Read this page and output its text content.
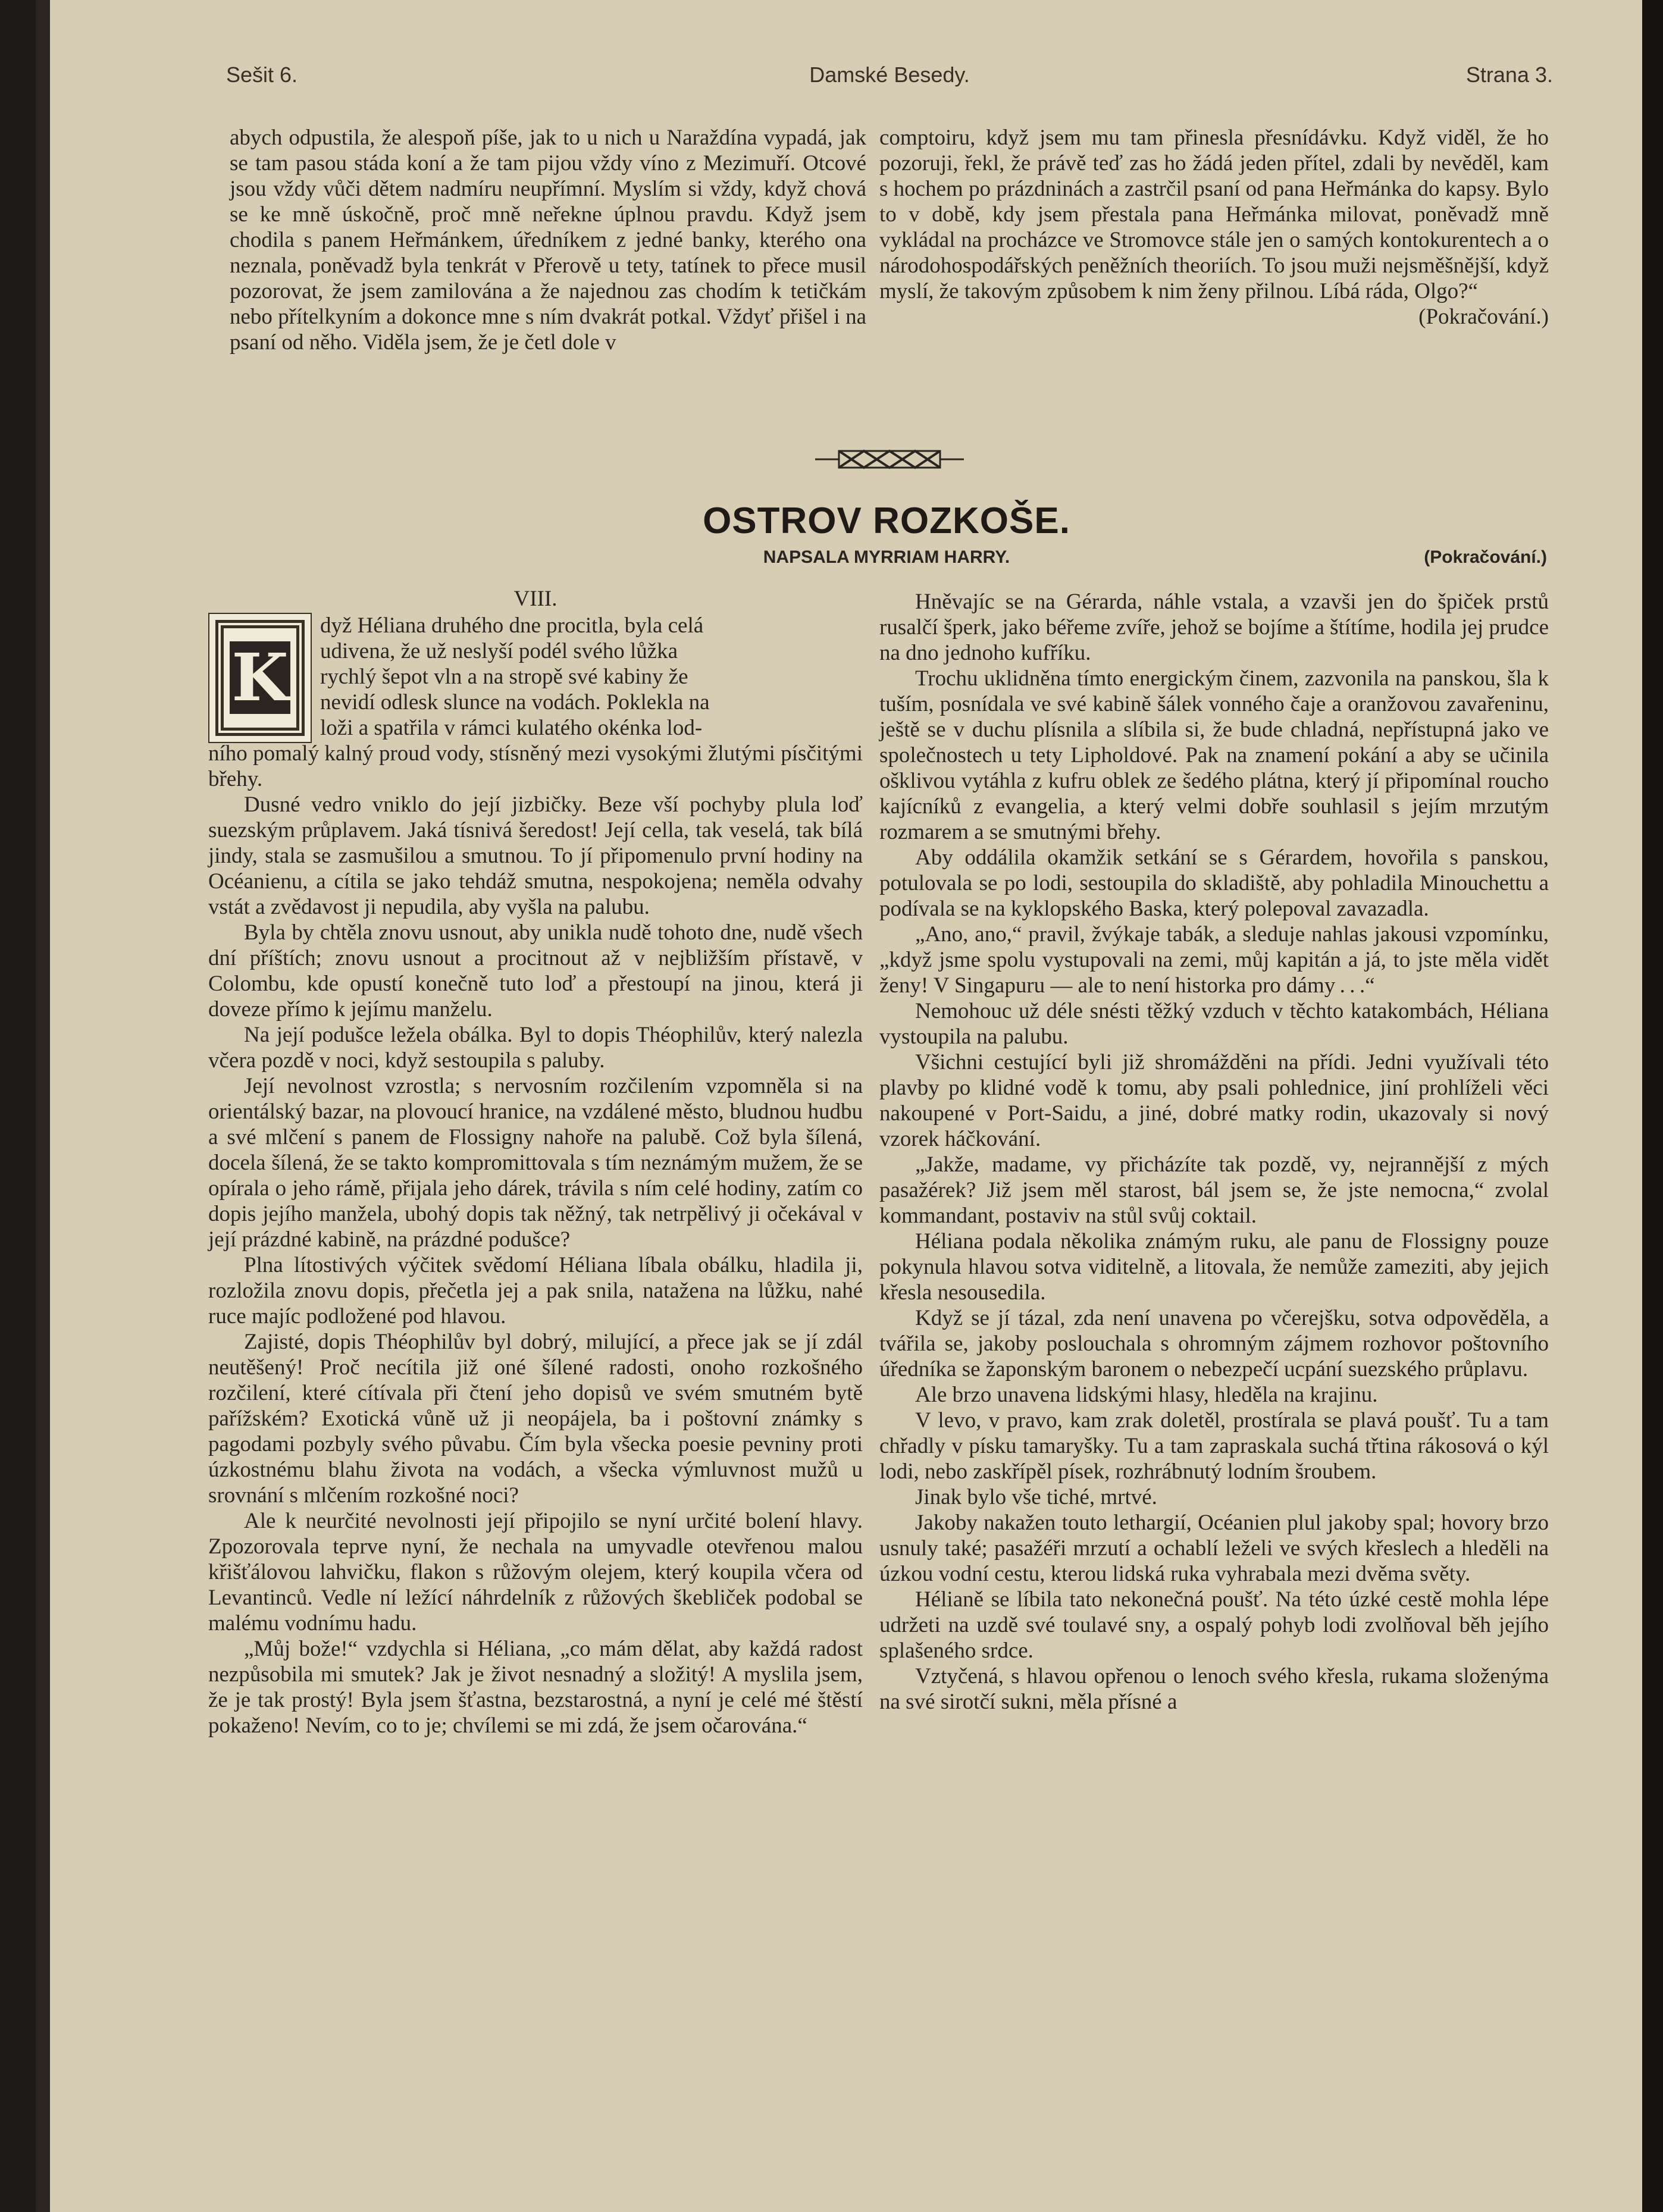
Sešit 6.	Damské Besedy.	Strana 3.

abych odpustila, že alespoň píše, jak to u nich u Naraždína vypadá, jak se tam pasou stáda koní a že tam pijou vždy víno z Mezimuří. Otcové jsou vždy vůči dětem nadmíru neupřímní. Myslím si vždy, když chová se ke mně úskočně, proč mně neřekne úplnou pravdu. Když jsem chodila s panem Heřmánkem, úředníkem z jedné banky, kterého ona neznala, poněvadž byla tenkrát v Přerově u tety, tatínek to přece musil pozorovat, že jsem zamilována a že najednou zas chodím k tetičkám nebo přítelkyním a dokonce mne s ním dvakrát potkal. Vždyť přišel i na psaní od něho. Viděla jsem, že je četl dole v

comptoiru, když jsem mu tam přinesla přesnídávku. Když viděl, že ho pozoruji, řekl, že právě teď zas ho žádá jeden přítel, zdali by nevěděl, kam s hochem po prázdninách a zastrčil psaní od pana Heřmánka do kapsy. Bylo to v době, kdy jsem přestala pana Heřmánka milovat, poněvadž mně vykládal na procházce ve Stromovce stále jen o samých kontokurentech a o národohospodářských peněžních theoriích. To jsou muži nejsměšnější, když myslí, že takovým způsobem k nim ženy přilnou. Líbá ráda, Olgo?“

(Pokračování.)

OSTROV ROZKOŠE.
NAPSALA MYRRIAM HARRY.	(Pokračování.)
VIII.
K

dyž Héliana druhého dne procitla, byla celá

udivena, že už neslyší podél svého lůžka

rychlý šepot vln a na stropě své kabiny že

nevidí odlesk slunce na vodách. Poklekla na

loži a spatřila v rámci kulatého okénka lod-

ního pomalý kalný proud vody, stísněný mezi vysokými žlutými písčitými břehy.

Dusné vedro vniklo do její jizbičky. Beze vší pochyby plula loď suezským průplavem. Jaká tísnivá šeredost! Její cella, tak veselá, tak bílá jindy, stala se zasmušilou a smutnou. To jí připomenulo první hodiny na Océanienu, a cítila se jako tehdáž smutna, nespokojena; neměla odvahy vstát a zvědavost ji nepudila, aby vyšla na palubu.

Byla by chtěla znovu usnout, aby unikla nudě tohoto dne, nudě všech dní příštích; znovu usnout a procitnout až v nejbližším přístavě, v Colombu, kde opustí konečně tuto loď a přestoupí na jinou, která ji doveze přímo k jejímu manželu.

Na její podušce ležela obálka. Byl to dopis Théophilův, který nalezla včera pozdě v noci, když sestoupila s paluby.

Její nevolnost vzrostla; s nervosním rozčilením vzpomněla si na orientálský bazar, na plovoucí hranice, na vzdálené město, bludnou hudbu a své mlčení s panem de Flossigny nahoře na palubě. Což byla šílená, docela šílená, že se takto kompromittovala s tím neznámým mužem, že se opírala o jeho rámě, přijala jeho dárek, trávila s ním celé hodiny, zatím co dopis jejího manžela, ubohý dopis tak něžný, tak netrpělivý ji očekával v její prázdné kabině, na prázdné podušce?

Plna lítostivých výčitek svědomí Héliana líbala obálku, hladila ji, rozložila znovu dopis, přečetla jej a pak snila, natažena na lůžku, nahé ruce majíc podložené pod hlavou.

Zajisté, dopis Théophilův byl dobrý, milující, a přece jak se jí zdál neutěšený! Proč necítila již oné šílené radosti, onoho rozkošného rozčilení, které cítívala při čtení jeho dopisů ve svém smutném bytě pařížském? Exotická vůně už ji neopájela, ba i poštovní známky s pagodami pozbyly svého půvabu. Čím byla všecka poesie pevniny proti úzkostnému blahu života na vodách, a všecka výmluvnost mužů u srovnání s mlčením rozkošné noci?

Ale k neurčité nevolnosti její připojilo se nyní určité bolení hlavy. Zpozorovala teprve nyní, že nechala na umyvadle otevřenou malou křišťálovou lahvičku, flakon s růžovým olejem, který koupila včera od Levantinců. Vedle ní ležící náhrdelník z růžových škebliček podobal se malému vodnímu hadu.

„Můj bože!“ vzdychla si Héliana, „co mám dělat, aby každá radost nezpůsobila mi smutek? Jak je život nesnadný a složitý! A myslila jsem, že je tak prostý! Byla jsem šťastna, bezstarostná, a nyní je celé mé štěstí pokaženo! Nevím, co to je; chvílemi se mi zdá, že jsem očarována.“

Hněvajíc se na Gérarda, náhle vstala, a vzavši jen do špiček prstů rusalčí šperk, jako béřeme zvíře, jehož se bojíme a štítíme, hodila jej prudce na dno jednoho kufříku.

Trochu uklidněna tímto energickým činem, zazvonila na panskou, šla k tuším, posnídala ve své kabině šálek vonného čaje a oranžovou zavařeninu, ještě se v duchu plísnila a slíbila si, že bude chladná, nepřístupná jako ve společnostech u tety Lipholdové. Pak na znamení pokání a aby se učinila ošklivou vytáhla z kufru oblek ze šedého plátna, který jí připomínal roucho kajícníků z evangelia, a který velmi dobře souhlasil s jejím mrzutým rozmarem a se smutnými břehy.

Aby oddálila okamžik setkání se s Gérardem, hovořila s panskou, potulovala se po lodi, sestoupila do skladiště, aby pohladila Minouchettu a podívala se na kyklopského Baska, který polepoval zavazadla.

„Ano, ano,“ pravil, žvýkaje tabák, a sleduje nahlas jakousi vzpomínku, „když jsme spolu vystupovali na zemi, můj kapitán a já, to jste měla vidět ženy! V Singapuru — ale to není historka pro dámy . . .“

Nemohouc už déle snésti těžký vzduch v těchto katakombách, Héliana vystoupila na palubu.

Všichni cestující byli již shromážděni na přídi. Jedni využívali této plavby po klidné vodě k tomu, aby psali pohlednice, jiní prohlíželi věci nakoupené v Port-Saidu, a jiné, dobré matky rodin, ukazovaly si nový vzorek háčkování.

„Jakže, madame, vy přicházíte tak pozdě, vy, nejrannější z mých pasažérek? Již jsem měl starost, bál jsem se, že jste nemocna,“ zvolal kommandant, postaviv na stůl svůj coktail.

Héliana podala několika známým ruku, ale panu de Flossigny pouze pokynula hlavou sotva viditelně, a litovala, že nemůže zameziti, aby jejich křesla nesousedila.

Když se jí tázal, zda není unavena po včerejšku, sotva odpověděla, a tvářila se, jakoby poslouchala s ohromným zájmem rozhovor poštovního úředníka se žaponským baronem o nebezpečí ucpání suezského průplavu.

Ale brzo unavena lidskými hlasy, hleděla na krajinu.

V levo, v pravo, kam zrak doletěl, prostírala se plavá poušť. Tu a tam chřadly v písku tamaryšky. Tu a tam zapraskala suchá třtina rákosová o kýl lodi, nebo zaskřípěl písek, rozhrábnutý lodním šroubem.

Jinak bylo vše tiché, mrtvé.

Jakoby nakažen touto lethargií, Océanien plul jakoby spal; hovory brzo usnuly také; pasažéři mrzutí a ochablí leželi ve svých křeslech a hleděli na úzkou vodní cestu, kterou lidská ruka vyhrabala mezi dvěma světy.

Hélianě se líbila tato nekonečná poušť. Na této úzké cestě mohla lépe udržeti na uzdě své toulavé sny, a ospalý pohyb lodi zvolňoval běh jejího splašeného srdce.

Vztyčená, s hlavou opřenou o lenoch svého křesla, rukama složenýma na své sirotčí sukni, měla přísné a
